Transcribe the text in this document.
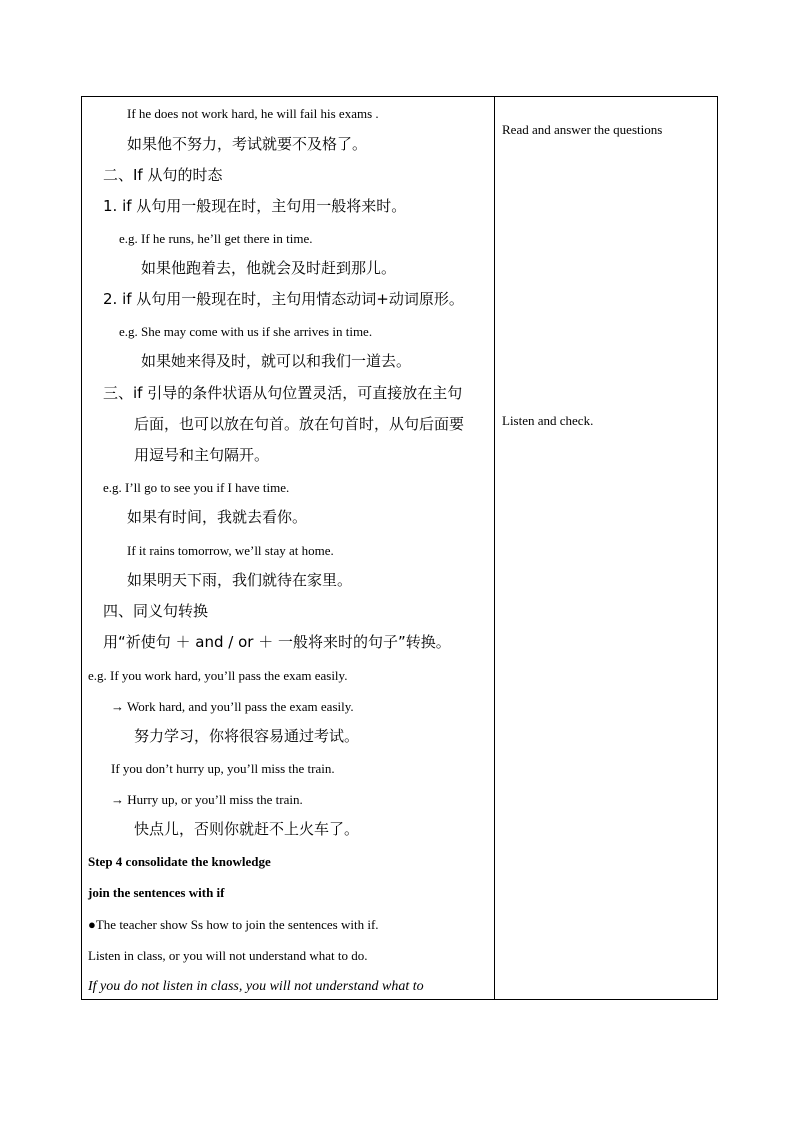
If he does not work hard, he will fail his exams .
如果他不努力，考试就要不及格了。
二、If 从句的时态
1. if 从句用一般现在时，主句用一般将来时。
e.g. If he runs, he’ll get there in time.
如果他跑着去，他就会及时赶到那儿。
2. if 从句用一般现在时，主句用情态动词+动词原形。
e.g. She may come with us if she arrives in time.
如果她来得及时，就可以和我们一道去。
三、if 引导的条件状语从句位置灵活，可直接放在主句
后面，也可以放在句首。放在句首时，从句后面要
用逗号和主句隔开。
e.g. I’ll go to see you if I have time.
如果有时间，我就去看你。
If it rains tomorrow, we’ll stay at home.
如果明天下雨，我们就待在家里。
四、同义句转换
用“祈使句 ＋ and / or ＋ 一般将来时的句子”转换。
e.g. If you work hard, you’ll pass the exam easily.
→ Work hard, and you’ll pass the exam easily.
努力学习，你将很容易通过考试。
If you don’t hurry up, you’ll miss the train.
→ Hurry up, or you’ll miss the train.
快点儿，否则你就赶不上火车了。
Step 4 consolidate the knowledge
join the sentences with if
●The teacher show Ss how to join the sentences with if.
Listen in class, or you will not understand what to do.
If you do not listen in class, you will not understand what to
Read and answer the questions
Listen and check.
